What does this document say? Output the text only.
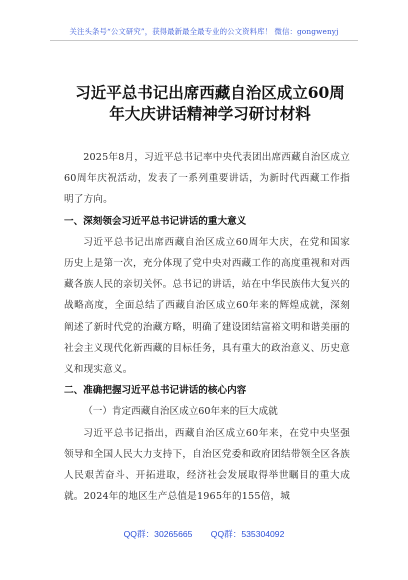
关注头条号“公文研究”，获得最新最全最专业的公文资料库！ 微信：gongwenyj
习近平总书记出席西藏自治区成立60周
年大庆讲话精神学习研讨材料

2025年8月，习近平总书记率中央代表团出席西藏自治区成立60周年庆祝活动，发表了一系列重要讲话，为新时代西藏工作指明了方向。

一、深刻领会习近平总书记讲话的重大意义

习近平总书记出席西藏自治区成立60周年大庆，在党和国家历史上是第一次，充分体现了党中央对西藏工作的高度重视和对西藏各族人民的亲切关怀。总书记的讲话，站在中华民族伟大复兴的战略高度，全面总结了西藏自治区成立60年来的辉煌成就，深刻阐述了新时代党的治藏方略，明确了建设团结富裕文明和谐美丽的社会主义现代化新西藏的目标任务，具有重大的政治意义、历史意义和现实意义。

二、准确把握习近平总书记讲话的核心内容

（一）肯定西藏自治区成立60年来的巨大成就

习近平总书记指出，西藏自治区成立60年来，在党中央坚强领导和全国人民大力支持下，自治区党委和政府团结带领全区各族人民艰苦奋斗、开拓进取，经济社会发展取得举世瞩目的重大成就。2024年的地区生产总值是1965年的155倍，城

QQ群：30265665 QQ群：535304092
